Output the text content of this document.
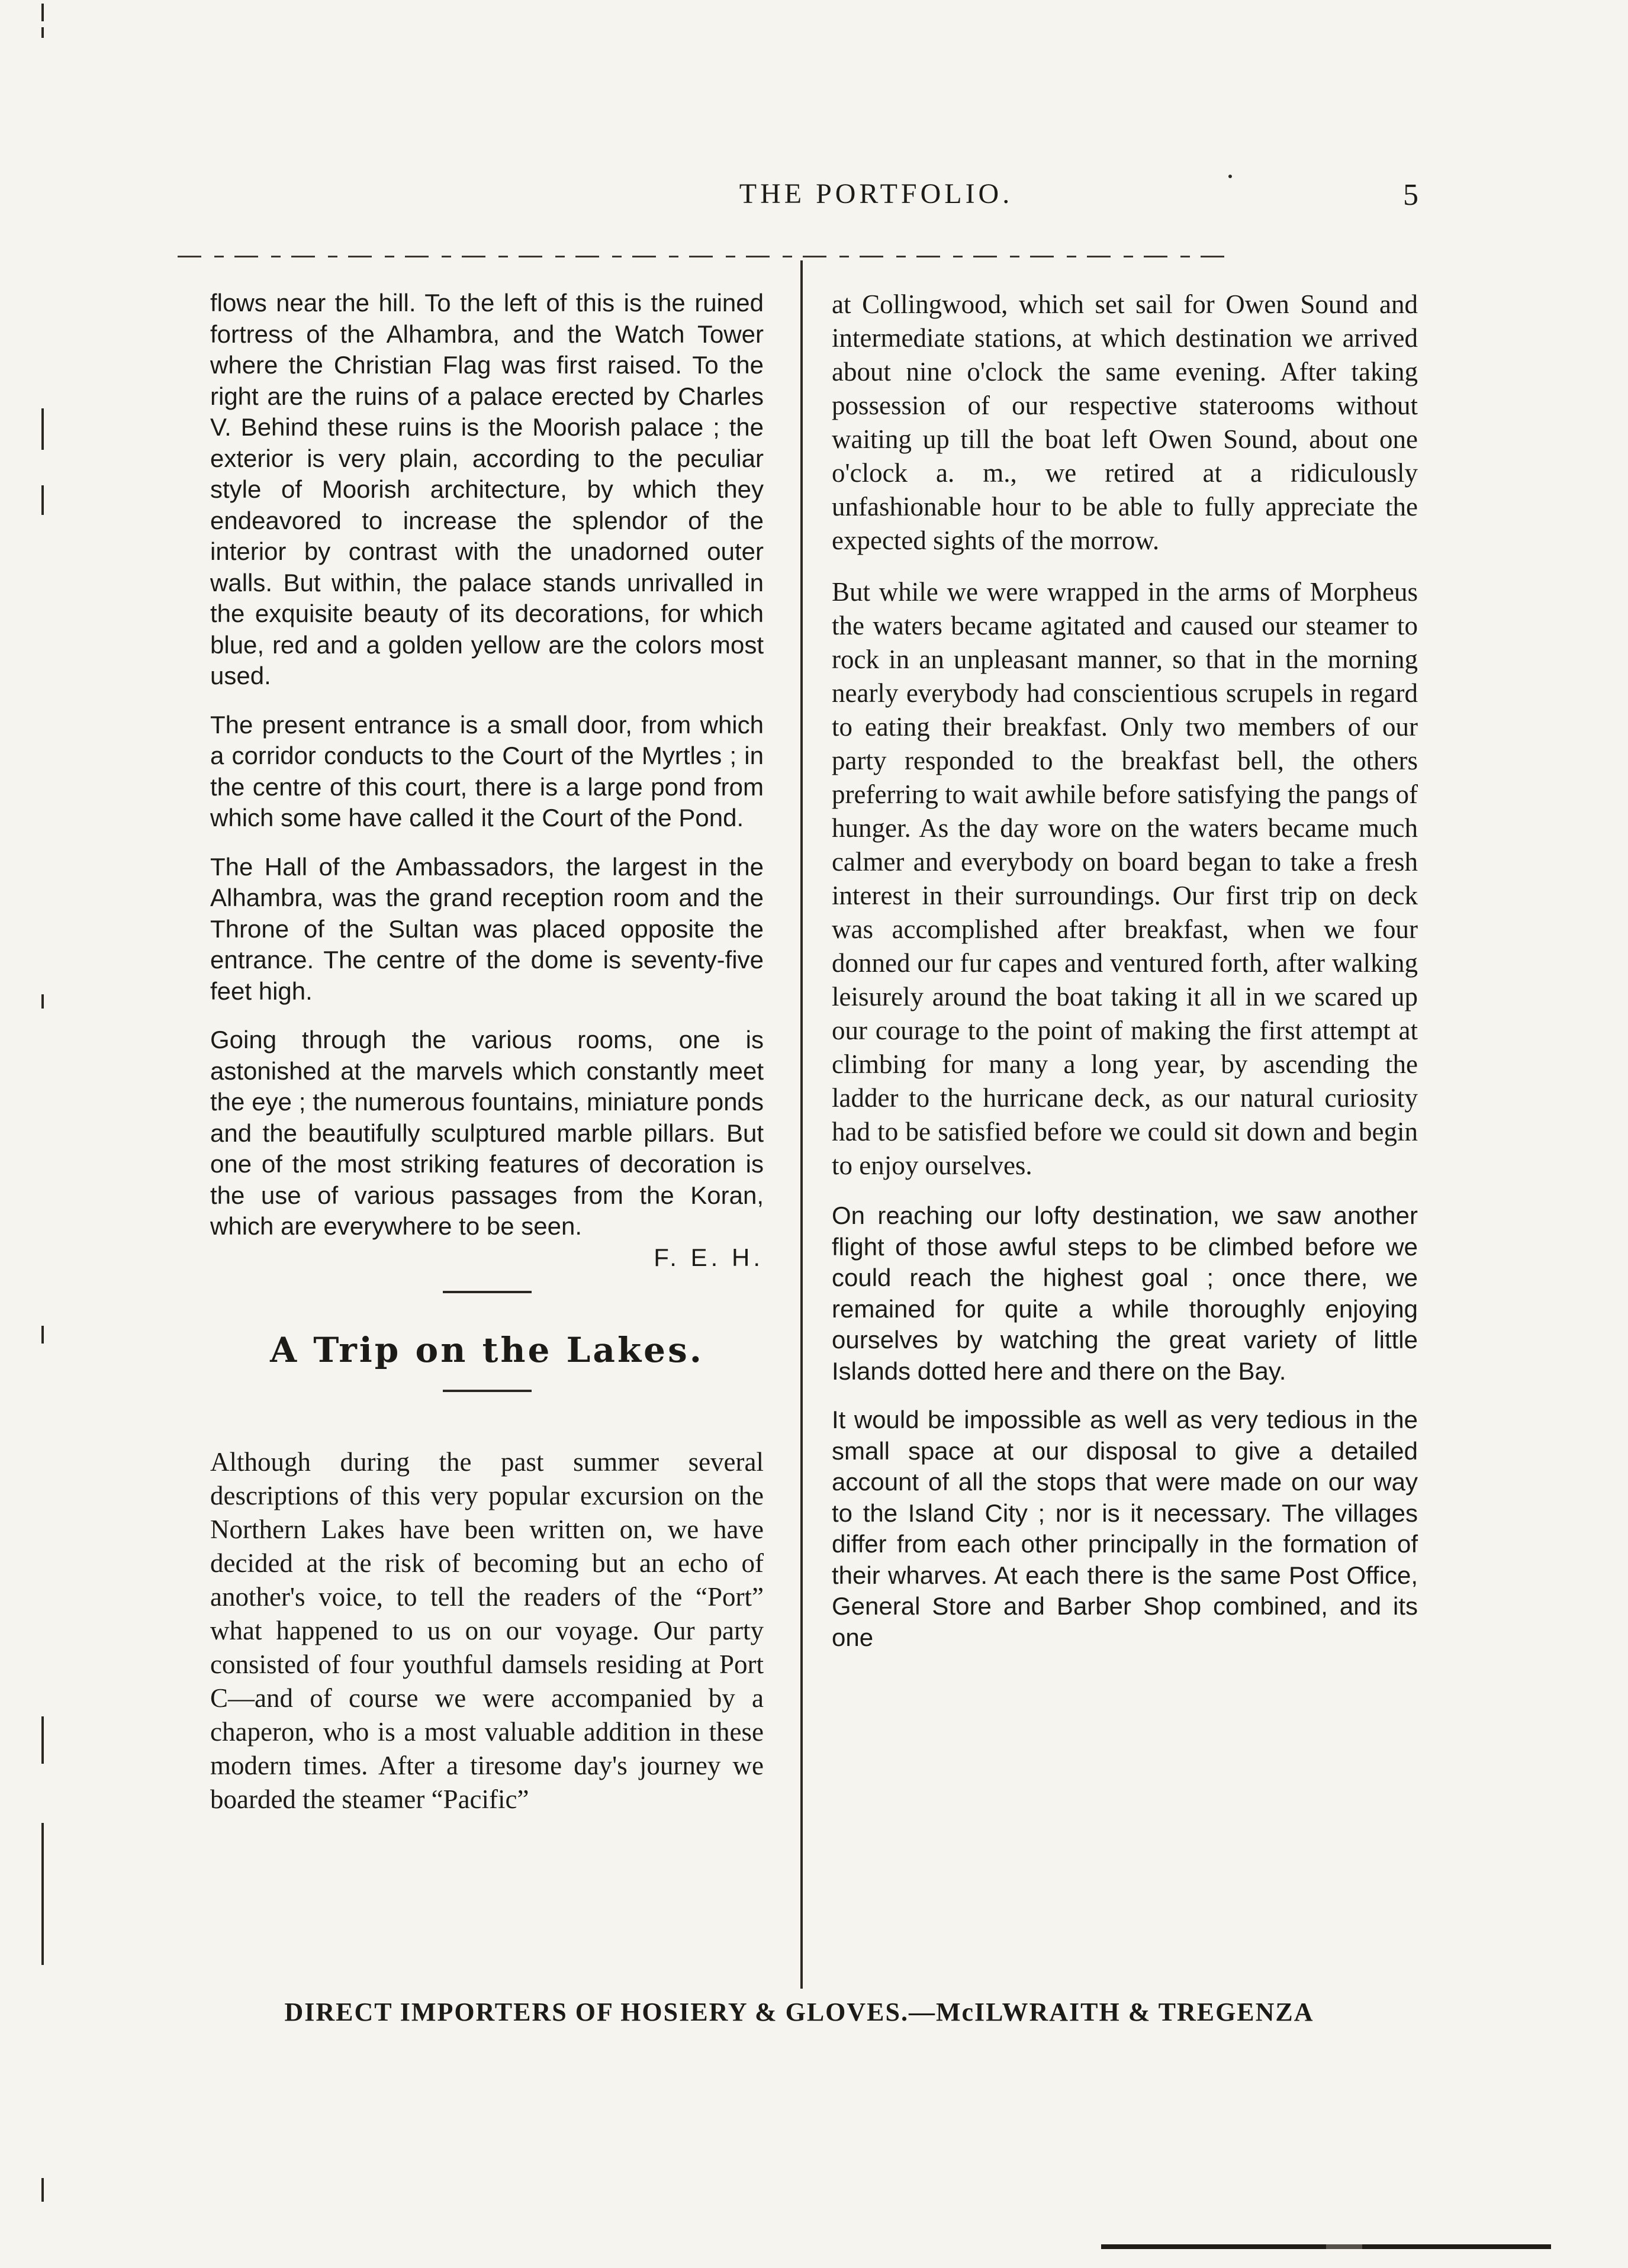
THE PORTFOLIO.	5

flows near the hill. To the left of this is the ruined fortress of the Alhambra, and the Watch Tower where the Christian Flag was first raised. To the right are the ruins of a palace erected by Charles V. Behind these ruins is the Moorish palace ; the exterior is very plain, according to the peculiar style of Moorish architecture, by which they endeavored to increase the splendor of the interior by contrast with the unadorned outer walls. But within, the palace stands unrivalled in the exquisite beauty of its decorations, for which blue, red and a golden yellow are the colors most used.

The present entrance is a small door, from which a corridor conducts to the Court of the Myrtles ; in the centre of this court, there is a large pond from which some have called it the Court of the Pond.

The Hall of the Ambassadors, the largest in the Alhambra, was the grand reception room and the Throne of the Sultan was placed opposite the entrance. The centre of the dome is seventy-five feet high.

Going through the various rooms, one is astonished at the marvels which constantly meet the eye ; the numerous fountains, miniature ponds and the beautifully sculptured marble pillars. But one of the most striking features of decoration is the use of various passages from the Koran, which are everywhere to be seen.

F. E. H.

A Trip on the Lakes.

Although during the past summer several descriptions of this very popular excursion on the Northern Lakes have been written on, we have decided at the risk of becoming but an echo of another's voice, to tell the readers of the “Port” what happened to us on our voyage. Our party consisted of four youthful damsels residing at Port C—and of course we were accompanied by a chaperon, who is a most valuable addition in these modern times. After a tiresome day's journey we boarded the steamer “Pacific”

at Collingwood, which set sail for Owen Sound and intermediate stations, at which destination we arrived about nine o'clock the same evening. After taking possession of our respective staterooms without waiting up till the boat left Owen Sound, about one o'clock a. m., we retired at a ridiculously unfashionable hour to be able to fully appreciate the expected sights of the morrow.

But while we were wrapped in the arms of Morpheus the waters became agitated and caused our steamer to rock in an unpleasant manner, so that in the morning nearly everybody had conscientious scrupels in regard to eating their breakfast. Only two members of our party responded to the breakfast bell, the others preferring to wait awhile before satisfying the pangs of hunger. As the day wore on the waters became much calmer and everybody on board began to take a fresh interest in their surroundings. Our first trip on deck was accomplished after breakfast, when we four donned our fur capes and ventured forth, after walking leisurely around the boat taking it all in we scared up our courage to the point of making the first attempt at climbing for many a long year, by ascending the ladder to the hurricane deck, as our natural curiosity had to be satisfied before we could sit down and begin to enjoy ourselves.

On reaching our lofty destination, we saw another flight of those awful steps to be climbed before we could reach the highest goal ; once there, we remained for quite a while thoroughly enjoying ourselves by watching the great variety of little Islands dotted here and there on the Bay.

It would be impossible as well as very tedious in the small space at our disposal to give a detailed account of all the stops that were made on our way to the Island City ; nor is it necessary. The villages differ from each other principally in the formation of their wharves. At each there is the same Post Office, General Store and Barber Shop combined, and its one

DIRECT IMPORTERS OF HOSIERY & GLOVES.—McILWRAITH & TREGENZA
